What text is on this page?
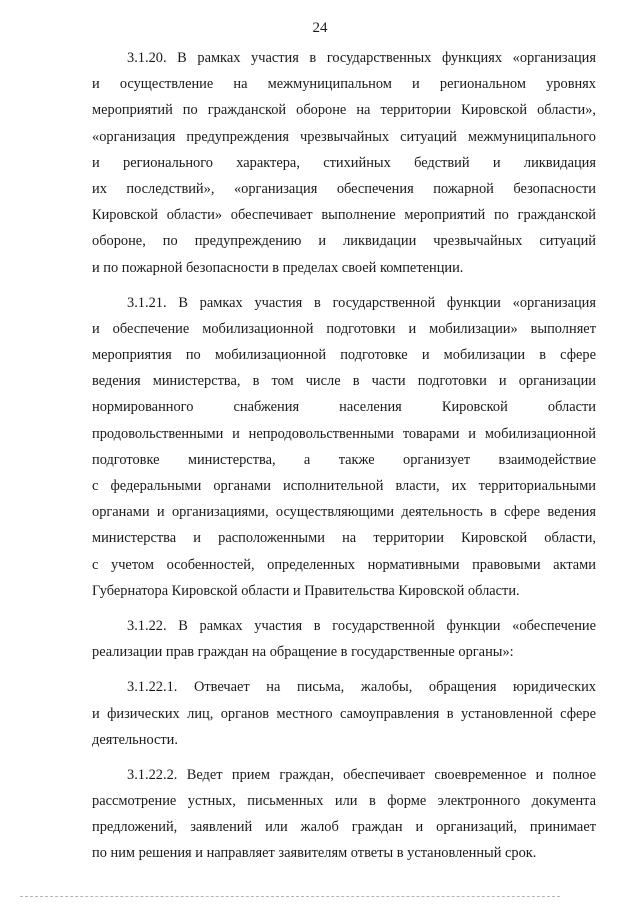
24
3.1.20. В рамках участия в государственных функциях «организация
и осуществление на межмуниципальном и региональном уровнях
мероприятий по гражданской обороне на территории Кировской области»,
«организация предупреждения чрезвычайных ситуаций межмуниципального
и регионального характера, стихийных бедствий и ликвидация
их последствий», «организация обеспечения пожарной безопасности
Кировской области» обеспечивает выполнение мероприятий по гражданской
обороне, по предупреждению и ликвидации чрезвычайных ситуаций
и по пожарной безопасности в пределах своей компетенции.
3.1.21. В рамках участия в государственной функции «организация
и обеспечение мобилизационной подготовки и мобилизации» выполняет
мероприятия по мобилизационной подготовке и мобилизации в сфере
ведения министерства, в том числе в части подготовки и организации
нормированного снабжения населения Кировской области
продовольственными и непродовольственными товарами и мобилизационной
подготовке министерства, а также организует взаимодействие
с федеральными органами исполнительной власти, их территориальными
органами и организациями, осуществляющими деятельность в сфере ведения
министерства и расположенными на территории Кировской области,
с учетом особенностей, определенных нормативными правовыми актами
Губернатора Кировской области и Правительства Кировской области.
3.1.22. В рамках участия в государственной функции «обеспечение
реализации прав граждан на обращение в государственные органы»:
3.1.22.1. Отвечает на письма, жалобы, обращения юридических
и физических лиц, органов местного самоуправления в установленной сфере
деятельности.
3.1.22.2. Ведет прием граждан, обеспечивает своевременное и полное
рассмотрение устных, письменных или в форме электронного документа
предложений, заявлений или жалоб граждан и организаций, принимает
по ним решения и направляет заявителям ответы в установленный срок.
